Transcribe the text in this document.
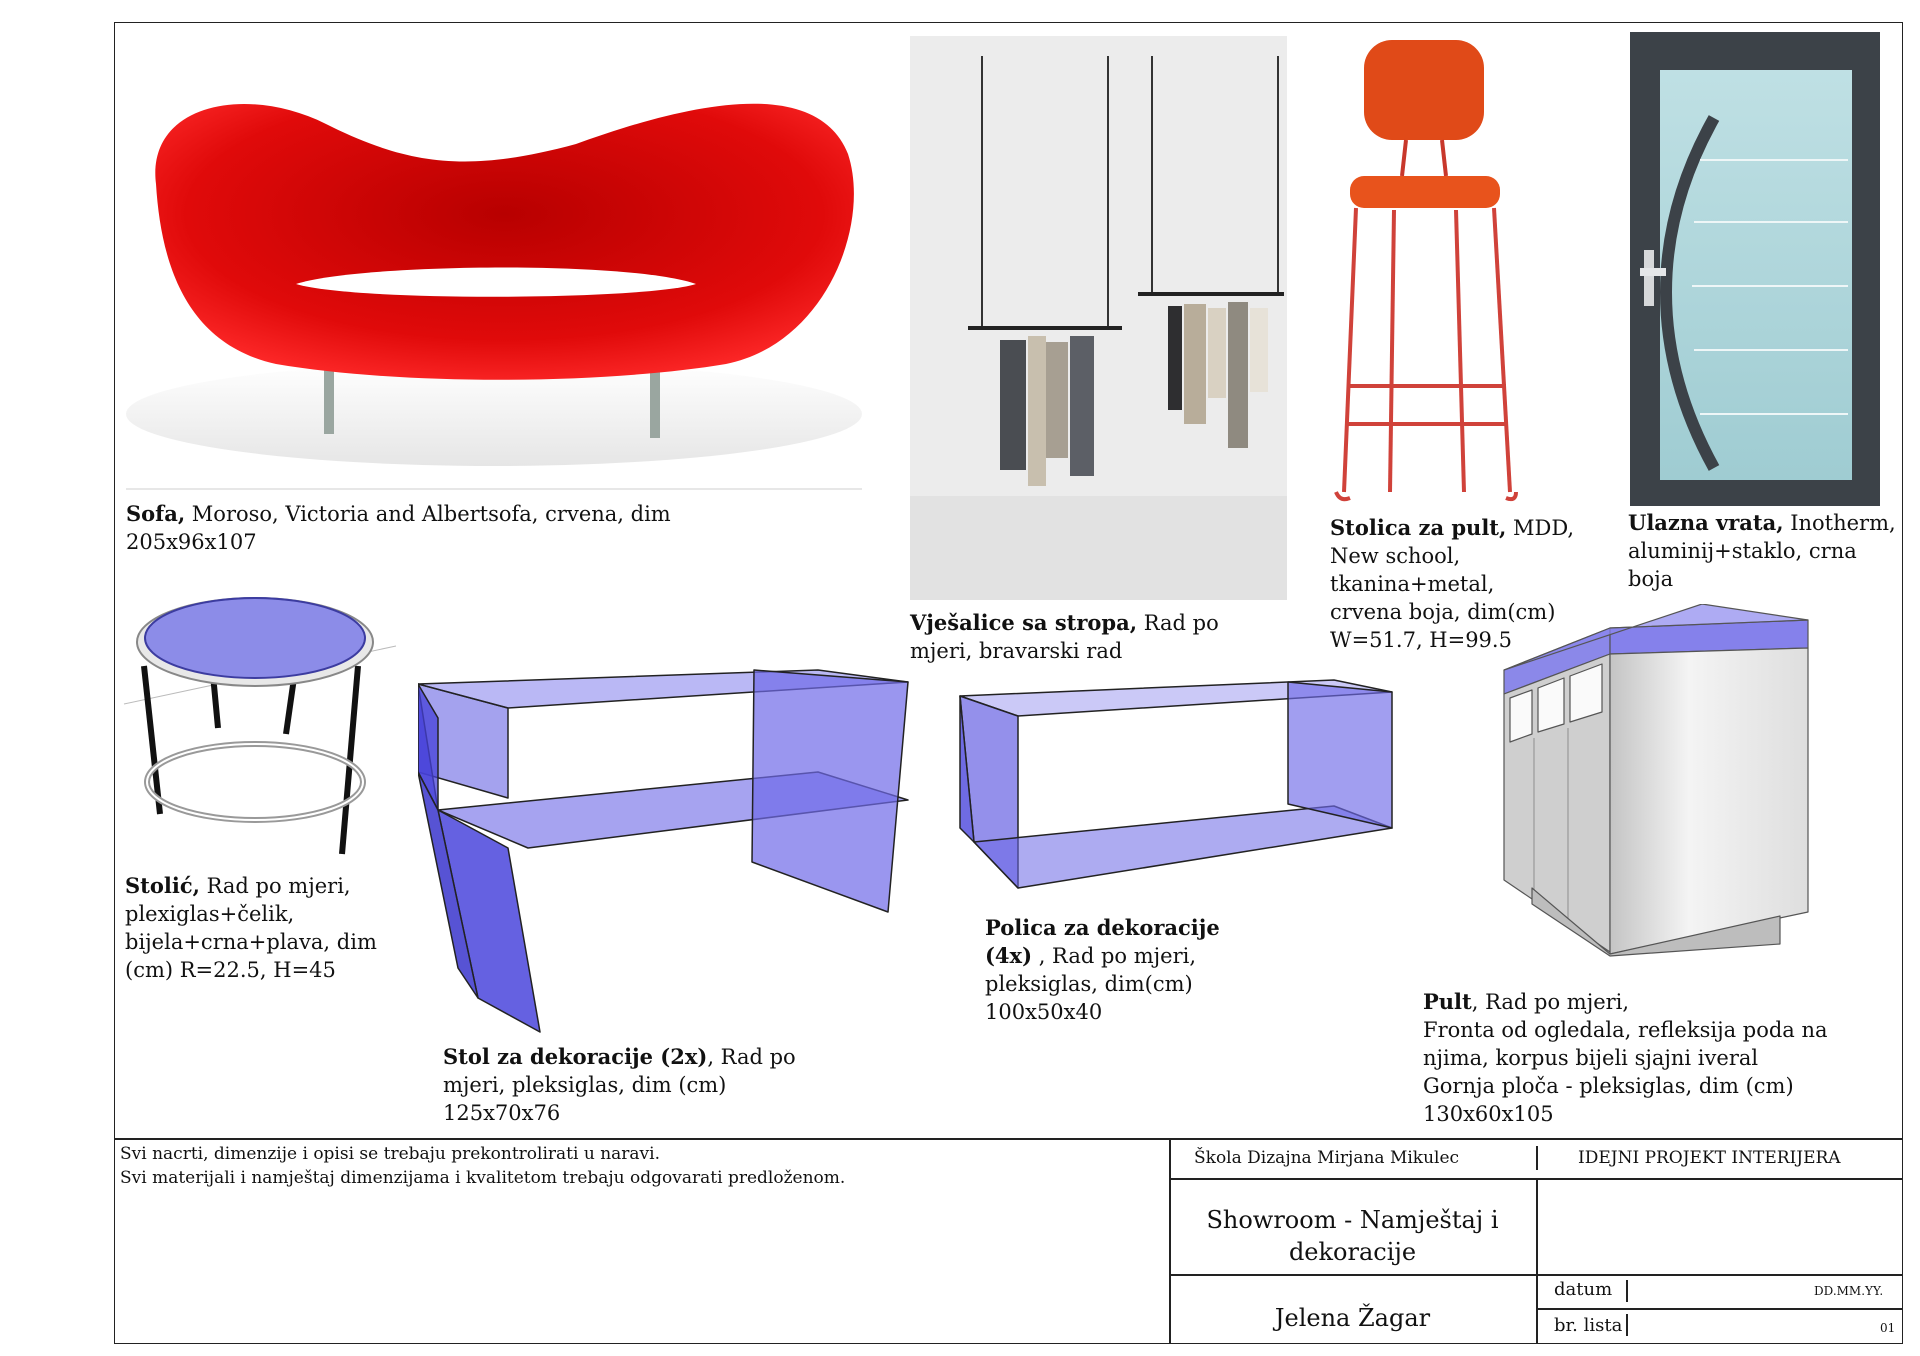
Sofa, Moroso, Victoria and Albertsofa, crvena, dim 205x96x107
Vješalice sa stropa, Rad po mjeri, bravarski rad
Stolica za pult, MDD,
New school, tkanina+metal,
crvena boja, dim(cm)
W=51.7, H=99.5
Ulazna vrata, Inotherm,
aluminij+staklo, crna boja
Stolić, Rad po mjeri,
plexiglas+čelik,
bijela+crna+plava, dim
(cm) R=22.5, H=45
Stol za dekoracije (2x), Rad po
mjeri, pleksiglas, dim (cm)
125x70x76
Polica za dekoracije
(4x) , Rad po mjeri,
pleksiglas, dim(cm)
100x50x40	Pult, Rad po mjeri,
Fronta od ogledala, refleksija poda na
njima, korpus bijeli sjajni iveral
Gornja ploča - pleksiglas, dim (cm)
130x60x105
Svi nacrti, dimenzije i opisi se trebaju prekontrolirati u naravi.
Svi materijali i namještaj dimenzijama i kvalitetom trebaju odgovarati predloženom.
Škola Dizajna Mirjana Mikulec	IDEJNI PROJEKT INTERIJERA
Showroom - Namještaj i
dekoracije
Jelena Žagar
datum	DD.MM.YY.
br. lista	01
